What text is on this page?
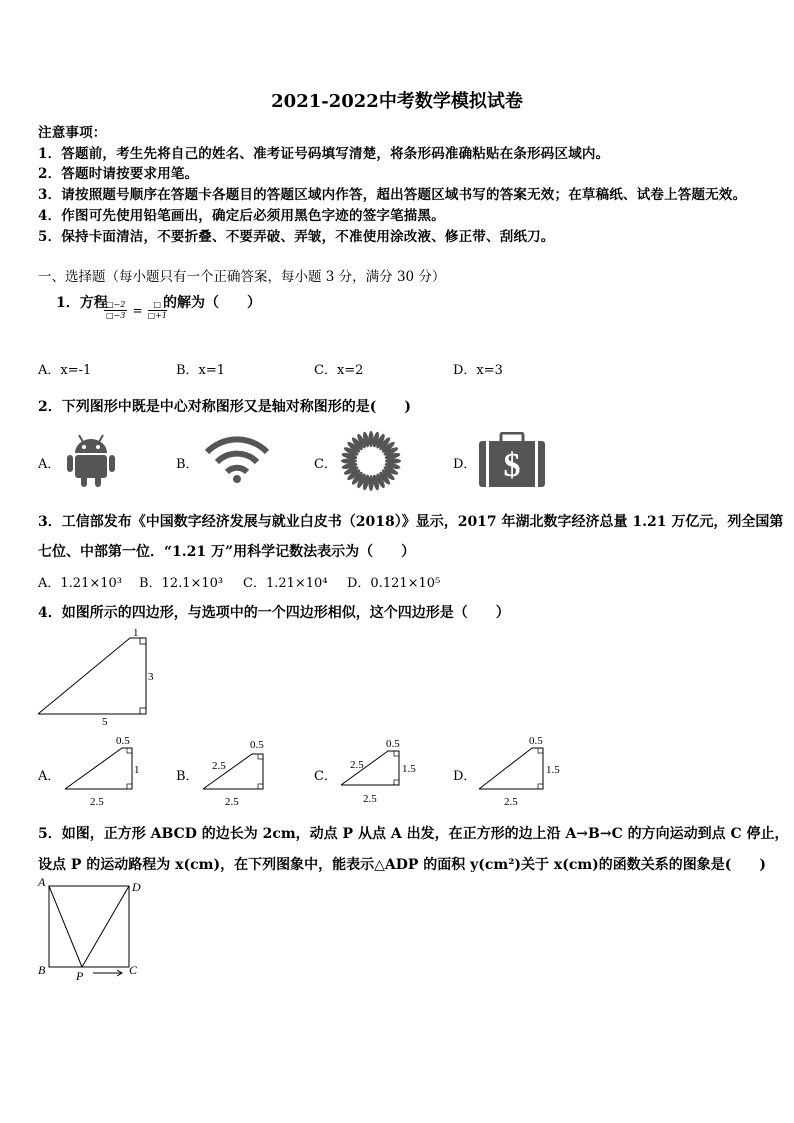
2021-2022中考数学模拟试卷
注意事项：
1．答题前，考生先将自己的姓名、准考证号码填写清楚，将条形码准确粘贴在条形码区域内。
2．答题时请按要求用笔。
3．请按照题号顺序在答题卡各题目的答题区域内作答，超出答题区域书写的答案无效；在草稿纸、试卷上答题无效。
4．作图可先使用铅笔画出，确定后必须用黑色字迹的签字笔描黑。
5．保持卡面清洁，不要折叠、不要弄破、弄皱，不准使用涂改液、修正带、刮纸刀。
一、选择题（每小题只有一个正确答案，每小题 3 分，满分 30 分）
1．方程
$\frac{□-2}{□-3} = \frac{□}{□+1}$
的解为（　　）
A．x=-1	B．x=1	C．x=2	D．x=3
2．下列图形中既是中心对称图形又是轴对称图形的是(　　)
A．	B．	C．	D． $
3．工信部发布《中国数字经济发展与就业白皮书（2018）》显示，2017 年湖北数字经济总量 1.21 万亿元，列全国第
七位、中部第一位．“1.21 万”用科学记数法表示为（　　）
A．1.21×10³ B．12.1×10³ C．1.21×10⁴ D．0.121×10⁵
4．如图所示的四边形，与选项中的一个四边形相似，这个四边形是（　　）
1
3
5
A．
0.5
1
2.5
B．
0.5
2.5
2.5
C．
0.5
2.5	1.5
2.5
D．
0.5
1.5
2.5
5．如图，正方形 ABCD 的边长为 2cm，动点 P 从点 A 出发，在正方形的边上沿 A→B→C 的方向运动到点 C 停止，
设点 P 的运动路程为 x(cm)，在下列图象中，能表示△ADP 的面积 y(cm²)关于 x(cm)的函数关系的图象是(　　)
A	D
B	C
P
